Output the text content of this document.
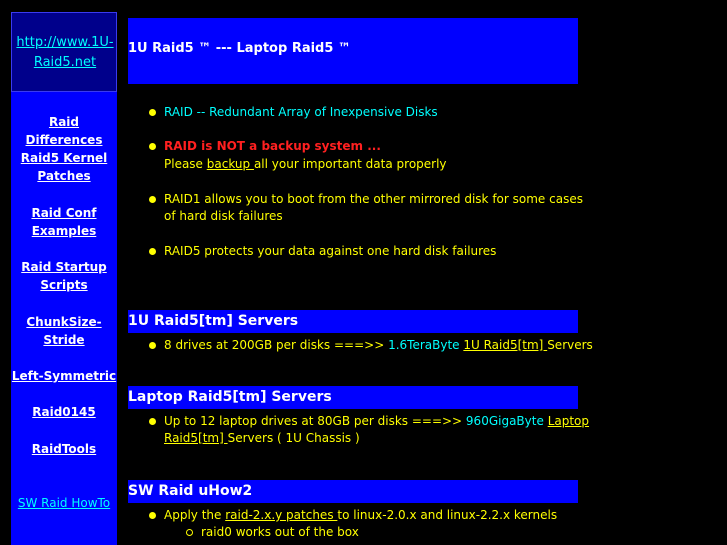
http://www.1U-
Raid5.net
Raid Differences
Raid5 Kernel
Patches
Raid Conf
Examples
Raid Startup
Scripts
ChunkSize-
Stride
Left-Symmetric
Raid0145
RaidTools
SW Raid HowTo
1U Raid5 ™ --- Laptop Raid5 ™
RAID -- Redundant Array of Inexpensive Disks
RAID is NOT a backup system ...
Please backup all your important data properly
RAID1 allows you to boot from the other mirrored disk for some cases
of hard disk failures
RAID5 protects your data against one hard disk failures
1U Raid5[tm] Servers
8 drives at 200GB per disks ===>> 1.6TeraByte 1U Raid5[tm] Servers
Laptop Raid5[tm] Servers
Up to 12 laptop drives at 80GB per disks ===>> 960GigaByte Laptop
Raid5[tm] Servers ( 1U Chassis )
SW Raid uHow2
Apply the raid-2.x.y patches to linux-2.0.x and linux-2.2.x kernels
raid0 works out of the box
